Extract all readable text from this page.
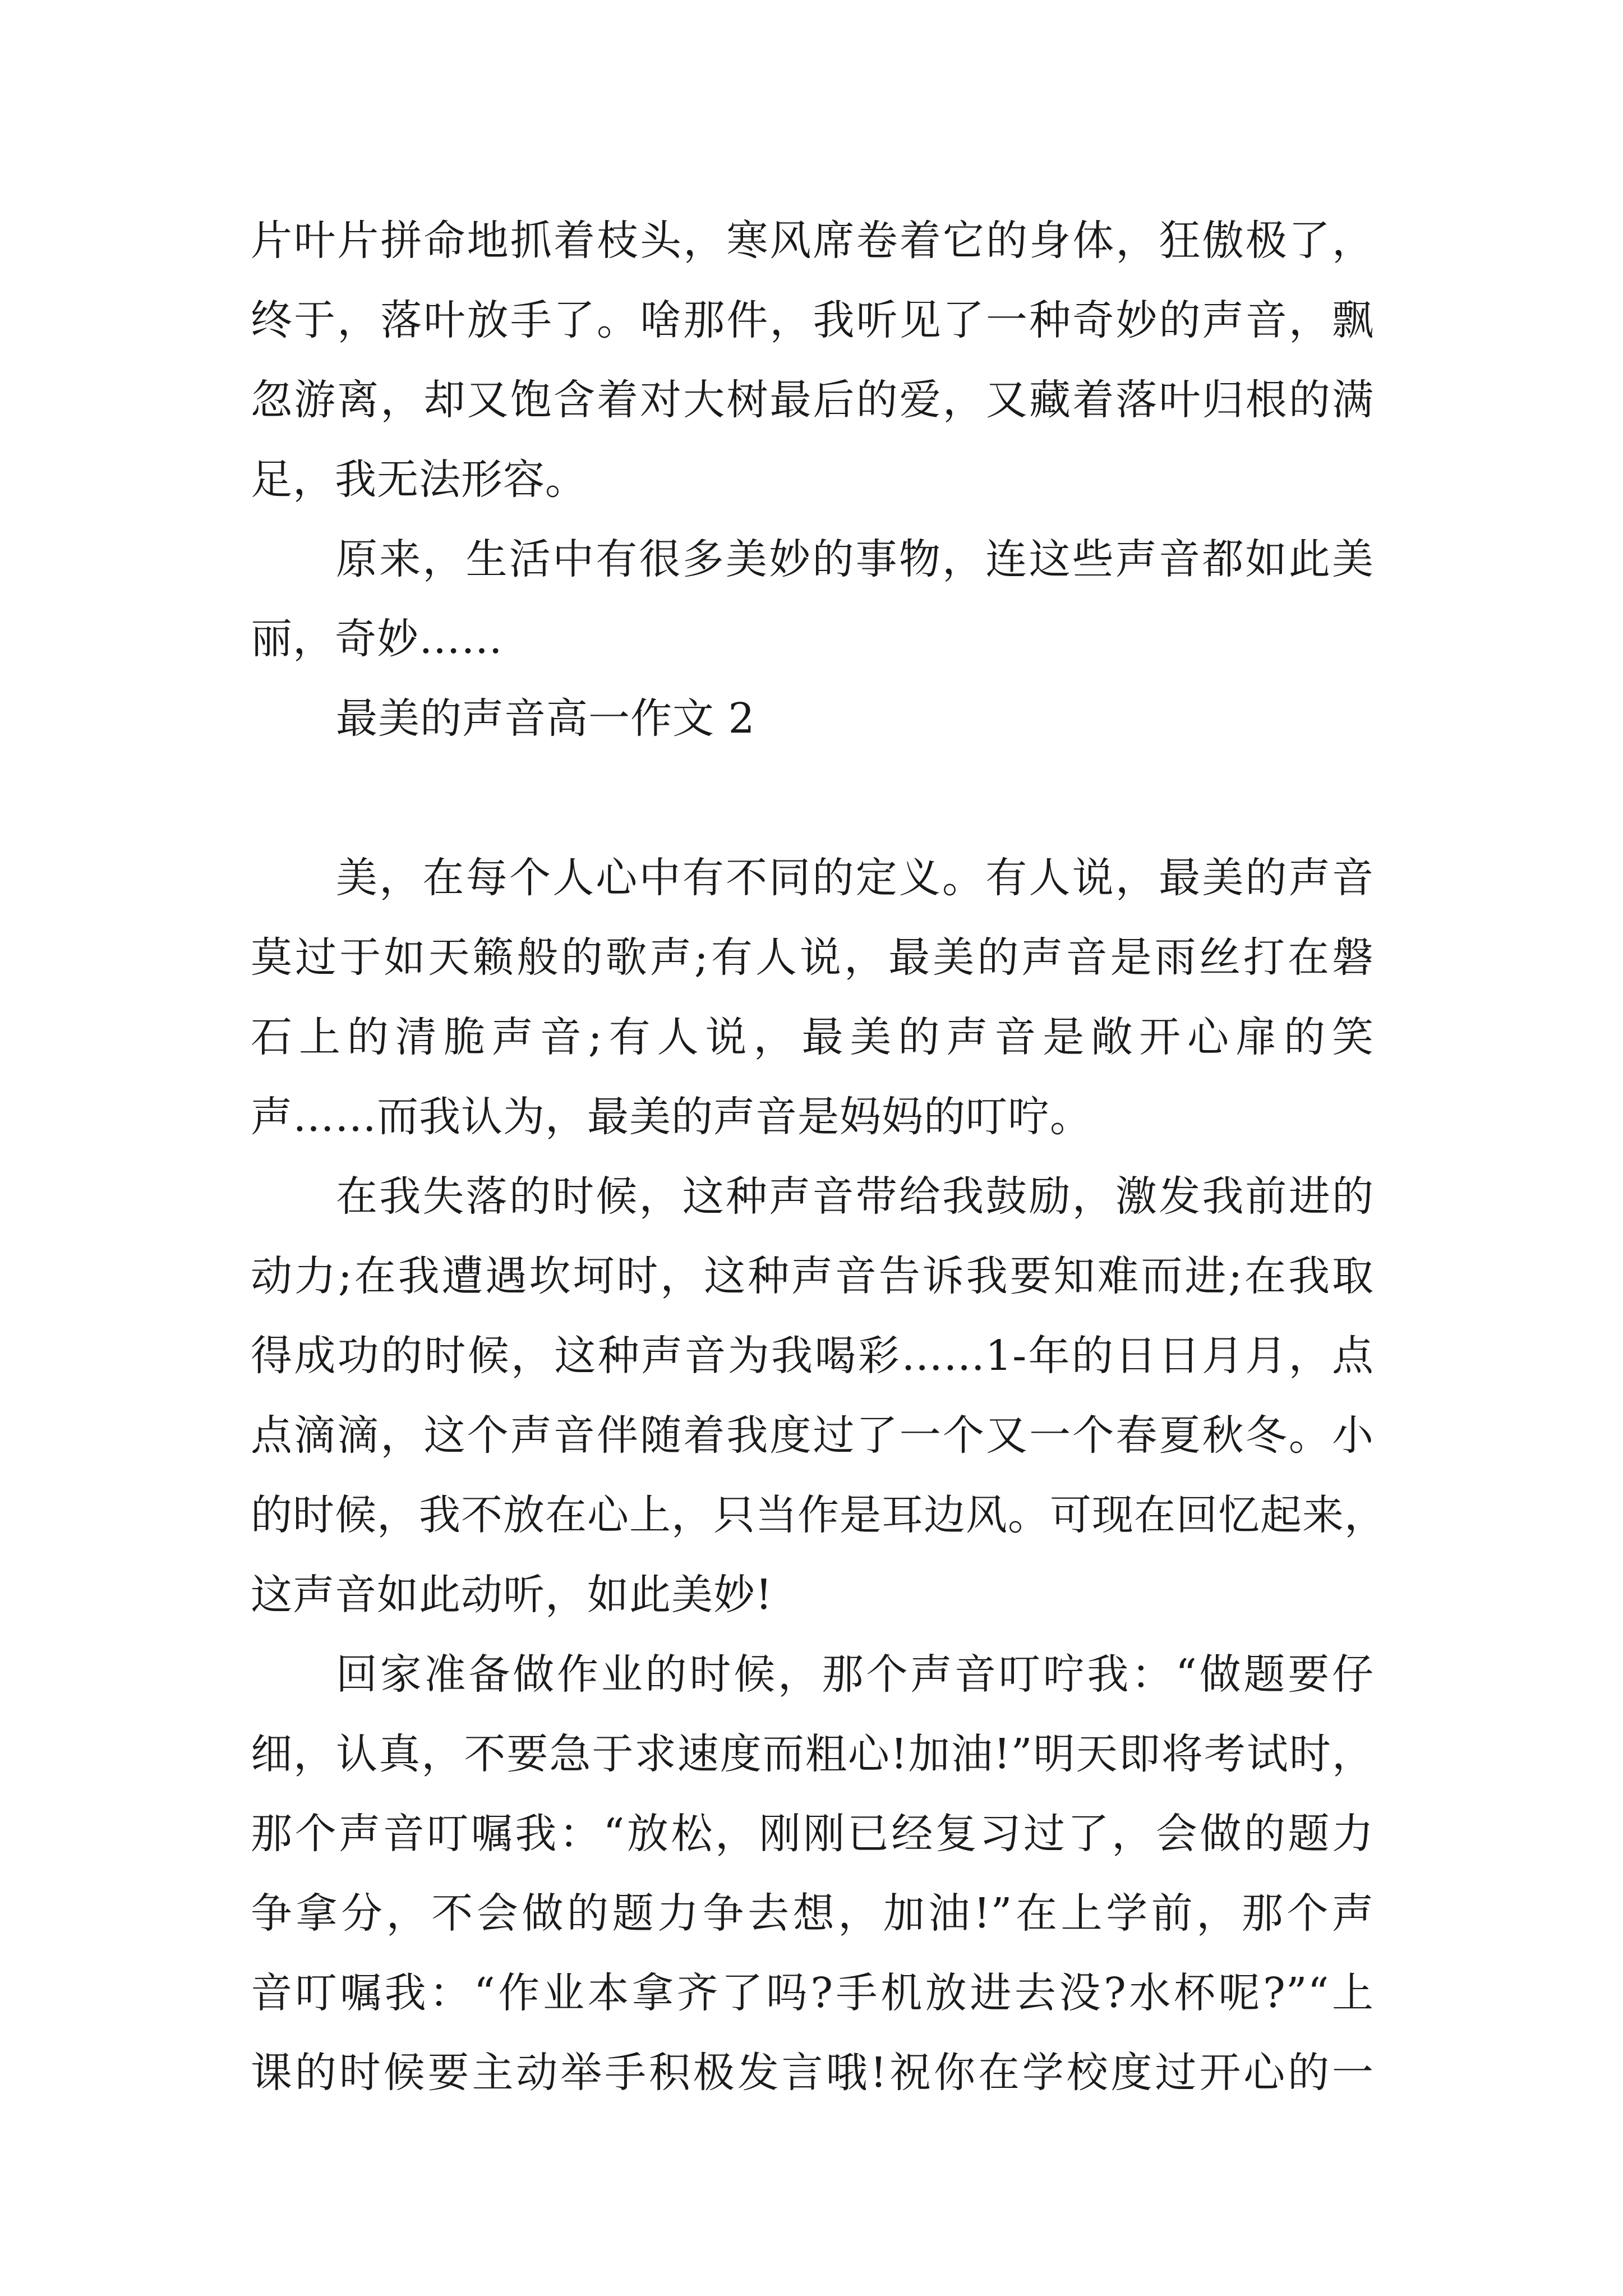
片叶片拼命地抓着枝头，寒风席卷着它的身体，狂傲极了，
终于，落叶放手了。啥那件，我听见了一种奇妙的声音，飘
忽游离，却又饱含着对大树最后的爱，又藏着落叶归根的满
足，我无法形容。
原来，生活中有很多美妙的事物，连这些声音都如此美
丽，奇妙……
最美的声音高一作文 2
美，在每个人心中有不同的定义。有人说，最美的声音
莫过于如天籁般的歌声;有人说，最美的声音是雨丝打在磐
石上的清脆声音;有人说，最美的声音是敞开心扉的笑
声……而我认为，最美的声音是妈妈的叮咛。
在我失落的时候，这种声音带给我鼓励，激发我前进的
动力;在我遭遇坎坷时，这种声音告诉我要知难而进;在我取
得成功的时候，这种声音为我喝彩……1-年的日日月月，点
点滴滴，这个声音伴随着我度过了一个又一个春夏秋冬。小
的时候，我不放在心上，只当作是耳边风。可现在回忆起来，
这声音如此动听，如此美妙!
回家准备做作业的时候，那个声音叮咛我：“做题要仔
细，认真，不要急于求速度而粗心!加油!”明天即将考试时，
那个声音叮嘱我：“放松，刚刚已经复习过了，会做的题力
争拿分，不会做的题力争去想，加油!”在上学前，那个声
音叮嘱我：“作业本拿齐了吗?手机放进去没?水杯呢?”“上
课的时候要主动举手积极发言哦!祝你在学校度过开心的一
